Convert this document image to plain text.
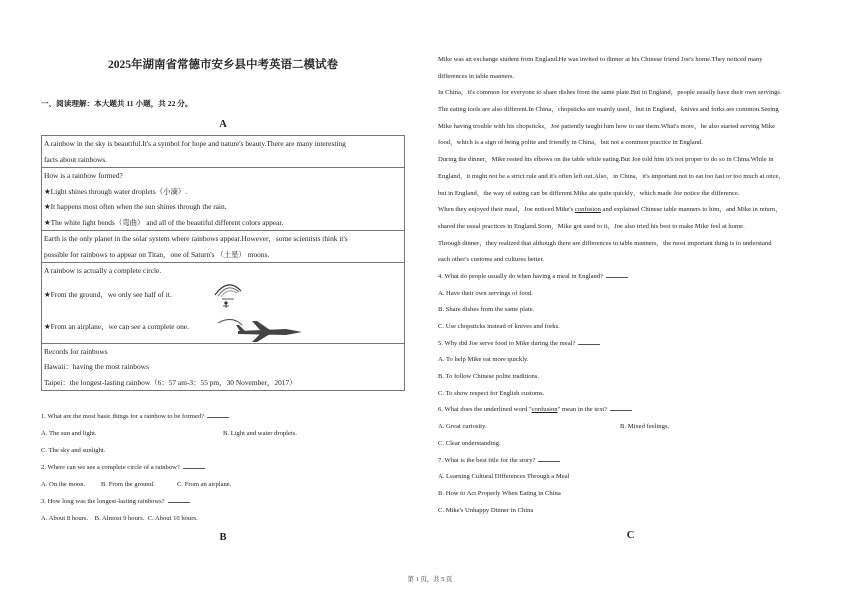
2025年湖南省常德市安乡县中考英语二模试卷
一、阅读理解：本大题共 11 小题，共 22 分。
A
A rainbow in the sky is beautiful.It's a symbol for hope and nature's beauty.There are many interesting
facts about rainbows.

How is a rainbow formed?
★Light shines through water droplets（小滴）.
★It happens most often when the sun shines through the rain.
★The white light bends（弯曲） and all of the beautiful different colors appear.

Earth is the only planet in the solar system where rainbows appear.However，some scientists think it's
possible for rainbows to appear on Titan，one of Saturn's （土星） moons.

A rainbow is actually a complete circle.
★From the ground，we only see half of it.
★From an airplane，we can see a complete one.

Records for rainbows
Hawaii：having the most rainbows
Taipei：the longest-lasting rainbow（6：57 am-3：55 pm，30 November，2017）
1. What are the most basic things for a rainbow to be formed?
A. The sun and light.	B. Light and water droplets.
C. The sky and sunlight.
2. Where can we see a complete circle of a rainbow?
A. On the moon. B. From the ground.	C. From an airplane.
3. How long was the longest-lasting rainbows?
A. About 8 hours.    B. Almost 9 hours.  C. About 10 hours.
B
Mike was an exchange student from England.He was invited to dinner at his Chinese friend Joe's home.They noticed many
differences in table manners.
In China，it's common for everyone to share dishes from the same plate.But in England，people usually have their own servings.
The eating tools are also different.In China，chopsticks are mainly used，but in England，knives and forks are common.Seeing
Mike having trouble with his chopsticks，Joe patiently taught him how to use them.What's more，he also started serving Mike
food，which is a sign of being polite and friendly in China，but not a common practice in England.
During the dinner，Mike rested his elbows on the table while eating.But Joe told him it's not proper to do so in China.While in
England，it might not be a strict rule and it's often left out.Also，in China，it's important not to eat too fast or too much at once，
but in England，the way of eating can be different.Mike ate quite quickly，which made Joe notice the difference.
When they enjoyed their meal，Joe noticed Mike's confusion and explained Chinese table manners to him，and Mike in return，
shared the usual practices in England.Soon，Mike got used to it，Joe also tried his best to make Mike feel at home.
Through dinner，they realized that although there are differences in table manners，the most important thing is to understand
each other's customs and cultures better.
4. What do people usually do when having a meal in England?
A. Have their own servings of food.
B. Share dishes from the same plate.
C. Use chopsticks instead of knives and forks.
5. Why did Joe serve food to Mike during the meal?
A. To help Mike eat more quickly.
B. To follow Chinese polite traditions.
C. To show respect for English customs.
6. What does the underlined word "confusion" mean in the text?
A. Great curiosity.	B. Mixed feelings.
C. Clear understanding.
7. What is the best title for the story?
A. Learning Cultural Differences Through a Meal
B. How to Act Properly When Eating in China
C. Mike's Unhappy Dinner in China
C
第 1 页，共 5 页
